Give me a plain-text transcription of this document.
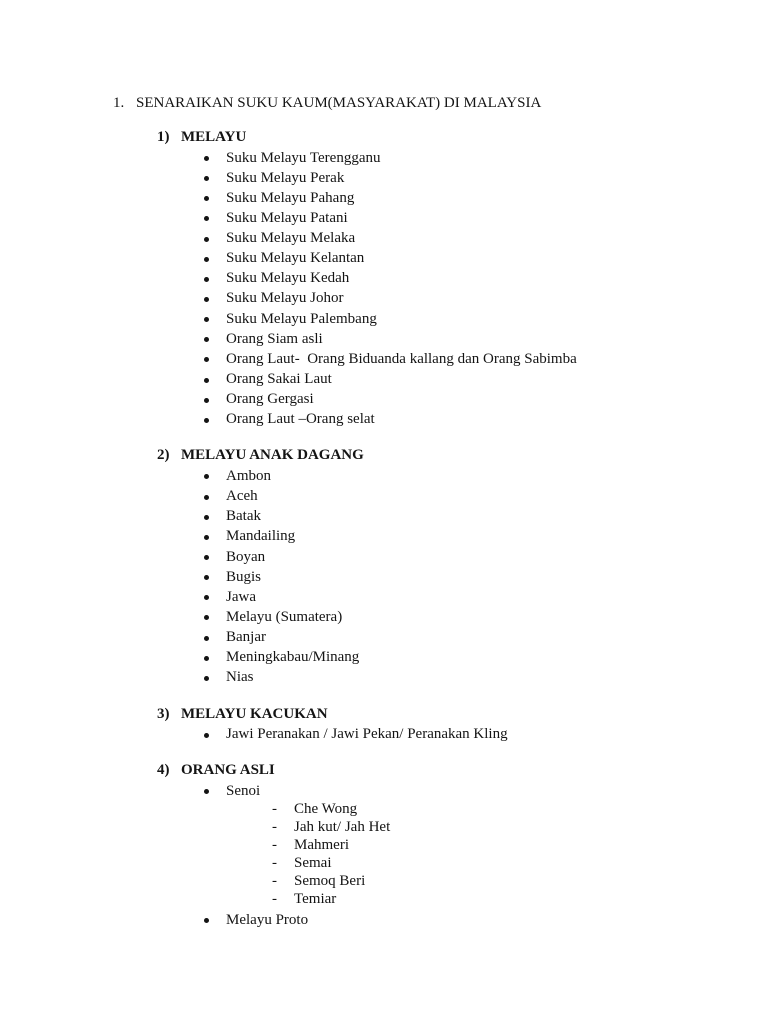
1.

SENARAIKAN SUKU KAUM(MASYARAKAT) DI MALAYSIA

1)

MELAYU

Suku Melayu Terengganu
Suku Melayu Perak
Suku Melayu Pahang
Suku Melayu Patani
Suku Melayu Melaka
Suku Melayu Kelantan
Suku Melayu Kedah
Suku Melayu Johor
Suku Melayu Palembang
Orang Siam asli
Orang Laut-  Orang Biduanda kallang dan Orang Sabimba
Orang Sakai Laut
Orang Gergasi
Orang Laut –Orang selat

2)

MELAYU ANAK DAGANG

Ambon
Aceh
Batak
Mandailing
Boyan
Bugis
Jawa
Melayu (Sumatera)
Banjar
Meningkabau/Minang
Nias

3)

MELAYU KACUKAN

Jawi Peranakan / Jawi Pekan/ Peranakan Kling

4)

ORANG ASLI

Senoi
- Che Wong
- Jah kut/ Jah Het
- Mahmeri
- Semai
- Semoq Beri
- Temiar
Melayu Proto
